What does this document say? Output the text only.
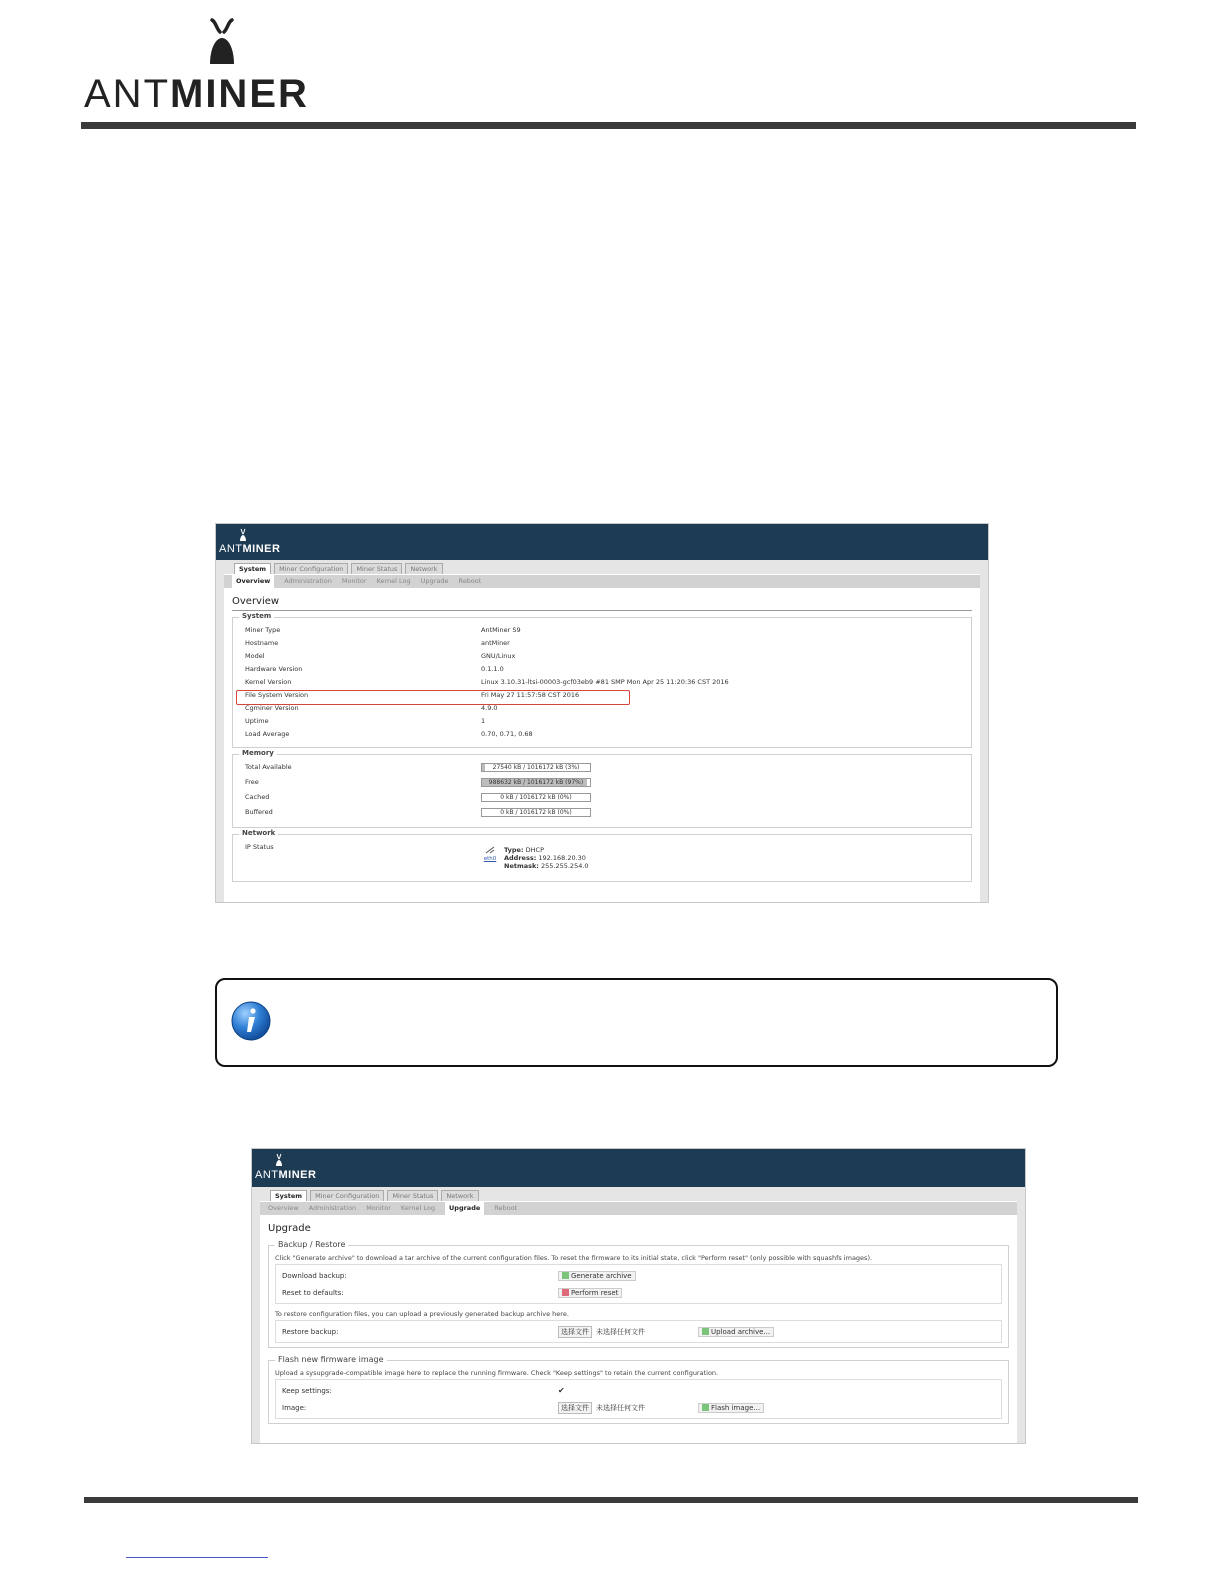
ANTMINER
ANTMINER
System	Miner Configuration	Miner Status	Network
Overview	Administration Monitor Kernel Log Upgrade Reboot
Overview
System
Miner Type	AntMiner S9
Hostname	antMiner
Model	GNU/Linux
Hardware Version	0.1.1.0
Kernel Version	Linux 3.10.31-ltsi-00003-gcf03eb9 #81 SMP Mon Apr 25 11:20:36 CST 2016
File System Version	Fri May 27 11:57:58 CST 2016
Cgminer Version	4.9.0
Uptime	1
Load Average	0.70, 0.71, 0.68
Memory
Total Available	27540 kB / 1016172 kB (3%)
Free	988632 kB / 1016172 kB (97%)
Cached	0 kB / 1016172 kB (0%)
Buffered	0 kB / 1016172 kB (0%)
Network
IP Status
eth0
Type: DHCP
Address: 192.168.20.30
Netmask: 255.255.254.0
ANTMINER
System	Miner Configuration	Miner Status	Network
Overview Administration Monitor Kernel Log	Upgrade	Reboot
Upgrade
Backup / Restore
Click "Generate archive" to download a tar archive of the current configuration files. To reset the firmware to its initial state, click "Perform reset" (only possible with squashfs images).
Download backup:	Generate archive
Reset to defaults:	Perform reset
To restore configuration files, you can upload a previously generated backup archive here.
Restore backup:	选择文件	未选择任何文件	Upload archive...
Flash new firmware image
Upload a sysupgrade-compatible image here to replace the running firmware. Check "Keep settings" to retain the current configuration.
Keep settings:	✔
Image:	选择文件	未选择任何文件	Flash image...
